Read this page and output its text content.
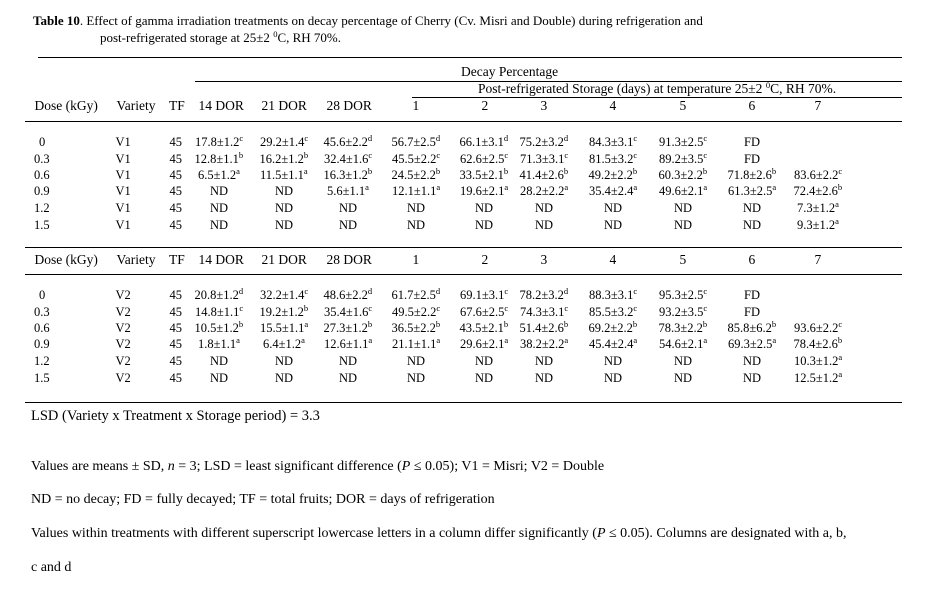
Table 10. Effect of gamma irradiation treatments on decay percentage of Cherry (Cv. Misri and Double) during refrigeration and
post-refrigerated storage at 25±2 $^0$C, RH 70%.
Decay Percentage
Post-refrigerated Storage (days) at temperature 25±2 $^0$C, RH 70%.
Dose (kGy) Variety TF 14 DOR 21 DOR 28 DOR	1	2	3	4	5	6	7
0	V1	45 17.8±1.2$^c$ 29.2±1.4$^c$ 45.6±2.2$^d$ 56.7±2.5$^d$ 66.1±3.1$^d$ 75.2±3.2$^d$ 84.3±3.1$^c$ 91.3±2.5$^c$	FD
0.3	V1	45 12.8±1.1$^b$ 16.2±1.2$^b$ 32.4±1.6$^c$ 45.5±2.2$^c$ 62.6±2.5$^c$ 71.3±3.1$^c$ 81.5±3.2$^c$ 89.2±3.5$^c$	FD
0.6	V1	45 6.5±1.2$^a$ 11.5±1.1$^a$ 16.3±1.2$^b$ 24.5±2.2$^b$ 33.5±2.1$^b$ 41.4±2.6$^b$ 49.2±2.2$^b$ 60.3±2.2$^b$ 71.8±2.6$^b$ 83.6±2.2$^c$
0.9	V1	45 ND	ND	5.6±1.1$^a$ 12.1±1.1$^a$ 19.6±2.1$^a$ 28.2±2.2$^a$ 35.4±2.4$^a$ 49.6±2.1$^a$ 61.3±2.5$^a$ 72.4±2.6$^b$
1.2	V1	45 ND	ND	ND	ND	ND	ND	ND	ND	ND	7.3±1.2$^a$
1.5	V1	45 ND	ND	ND	ND	ND	ND	ND	ND	ND	9.3±1.2$^a$
Dose (kGy) Variety TF 14 DOR 21 DOR 28 DOR	1	2	3	4	5	6	7
0	V2	45 20.8±1.2$^d$ 32.2±1.4$^c$ 48.6±2.2$^d$ 61.7±2.5$^d$ 69.1±3.1$^c$ 78.2±3.2$^d$ 88.3±3.1$^c$ 95.3±2.5$^c$	FD
0.3	V2	45 14.8±1.1$^c$ 19.2±1.2$^b$ 35.4±1.6$^c$ 49.5±2.2$^c$ 67.6±2.5$^c$ 74.3±3.1$^c$ 85.5±3.2$^c$ 93.2±3.5$^c$	FD
0.6	V2	45 10.5±1.2$^b$ 15.5±1.1$^a$ 27.3±1.2$^b$ 36.5±2.2$^b$ 43.5±2.1$^b$ 51.4±2.6$^b$ 69.2±2.2$^b$ 78.3±2.2$^b$ 85.8±6.2$^b$ 93.6±2.2$^c$
0.9	V2	45 1.8±1.1$^a$ 6.4±1.2$^a$ 12.6±1.1$^a$ 21.1±1.1$^a$ 29.6±2.1$^a$ 38.2±2.2$^a$ 45.4±2.4$^a$ 54.6±2.1$^a$ 69.3±2.5$^a$ 78.4±2.6$^b$
1.2	V2	45 ND	ND	ND	ND	ND	ND	ND	ND	ND	10.3±1.2$^a$
1.5	V2	45 ND	ND	ND	ND	ND	ND	ND	ND	ND	12.5±1.2$^a$
LSD (Variety x Treatment x Storage period) = 3.3
Values are means ± SD, n = 3; LSD = least significant difference (P ≤ 0.05); V1 = Misri; V2 = Double
ND = no decay; FD = fully decayed; TF = total fruits; DOR = days of refrigeration
Values within treatments with different superscript lowercase letters in a column differ significantly (P ≤ 0.05). Columns are designated with a, b,
c and d
